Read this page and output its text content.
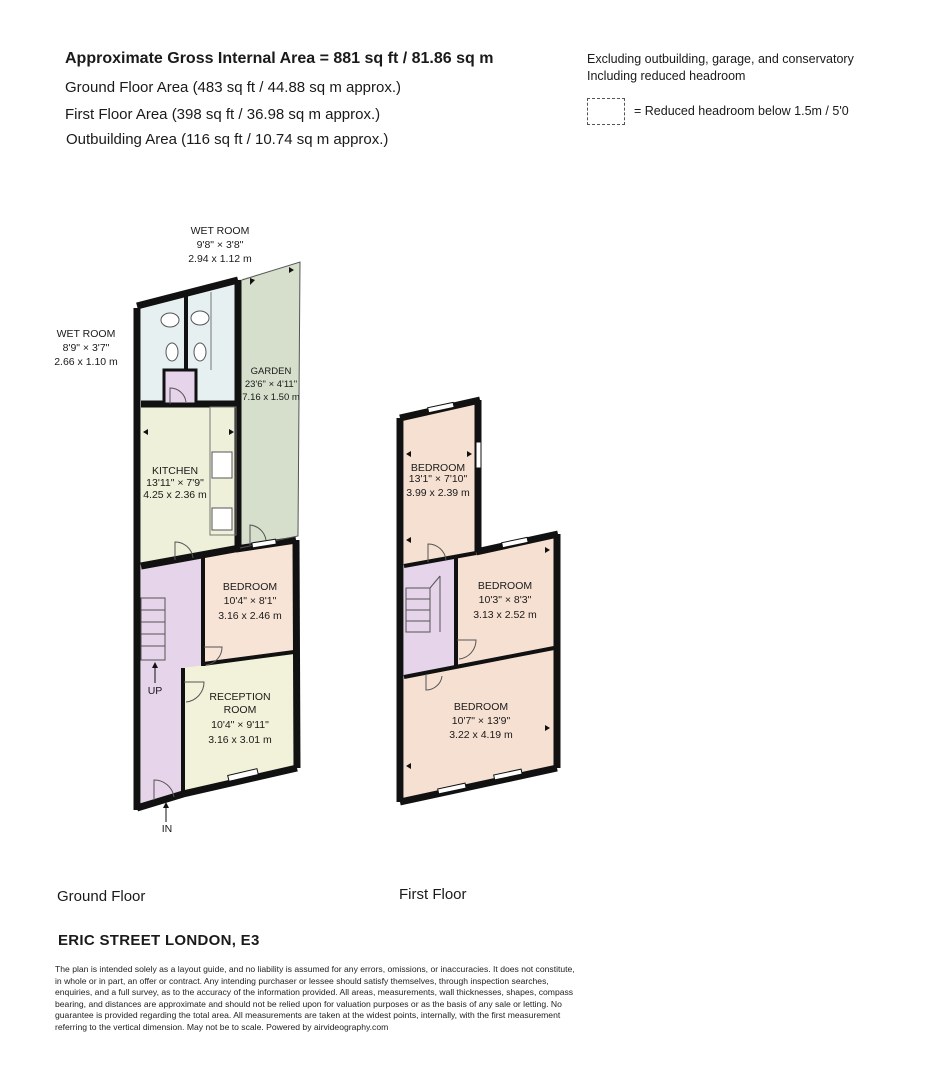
Approximate Gross Internal Area = 881 sq ft / 81.86 sq m
Ground Floor Area (483 sq ft / 44.88 sq m approx.)
First Floor Area (398 sq ft / 36.98 sq m approx.)
Outbuilding Area (116 sq ft / 10.74 sq m approx.)
Excluding outbuilding, garage, and conservatory
Including reduced headroom
= Reduced headroom below 1.5m / 5'0
WET ROOM
9'8" × 3'8"
2.94 x 1.12 m
WET ROOM
8'9" × 3'7"
2.66 x 1.10 m
GARDEN
23'6" × 4'11"
7.16 x 1.50 m
KITCHEN
13'11" × 7'9"
4.25 x 2.36 m
BEDROOM
10'4" × 8'1"
3.16 x 2.46 m
RECEPTION
ROOM
10'4" × 9'11"
3.16 x 3.01 m
UP
IN
BEDROOM
13'1" × 7'10"
3.99 x 2.39 m
BEDROOM
10'3" × 8'3"
3.13 x 2.52 m
BEDROOM
10'7" × 13'9"
3.22 x 4.19 m
Ground Floor	First Floor
ERIC STREET LONDON, E3
The plan is intended solely as a layout guide, and no liability is assumed for any errors, omissions, or inaccuracies. It does not constitute, in whole or in part, an offer or contract. Any intending purchaser or lessee should satisfy themselves, through inspection searches, enquiries, and a full survey, as to the accuracy of the information provided. All areas, measurements, wall thicknesses, shapes, compass bearing, and distances are approximate and should not be relied upon for valuation purposes or as the basis of any sale or letting. No guarantee is provided regarding the total area. All measurements are taken at the widest points, internally, with the first measurement referring to the vertical dimension. May not be to scale. Powered by airvideography.com
